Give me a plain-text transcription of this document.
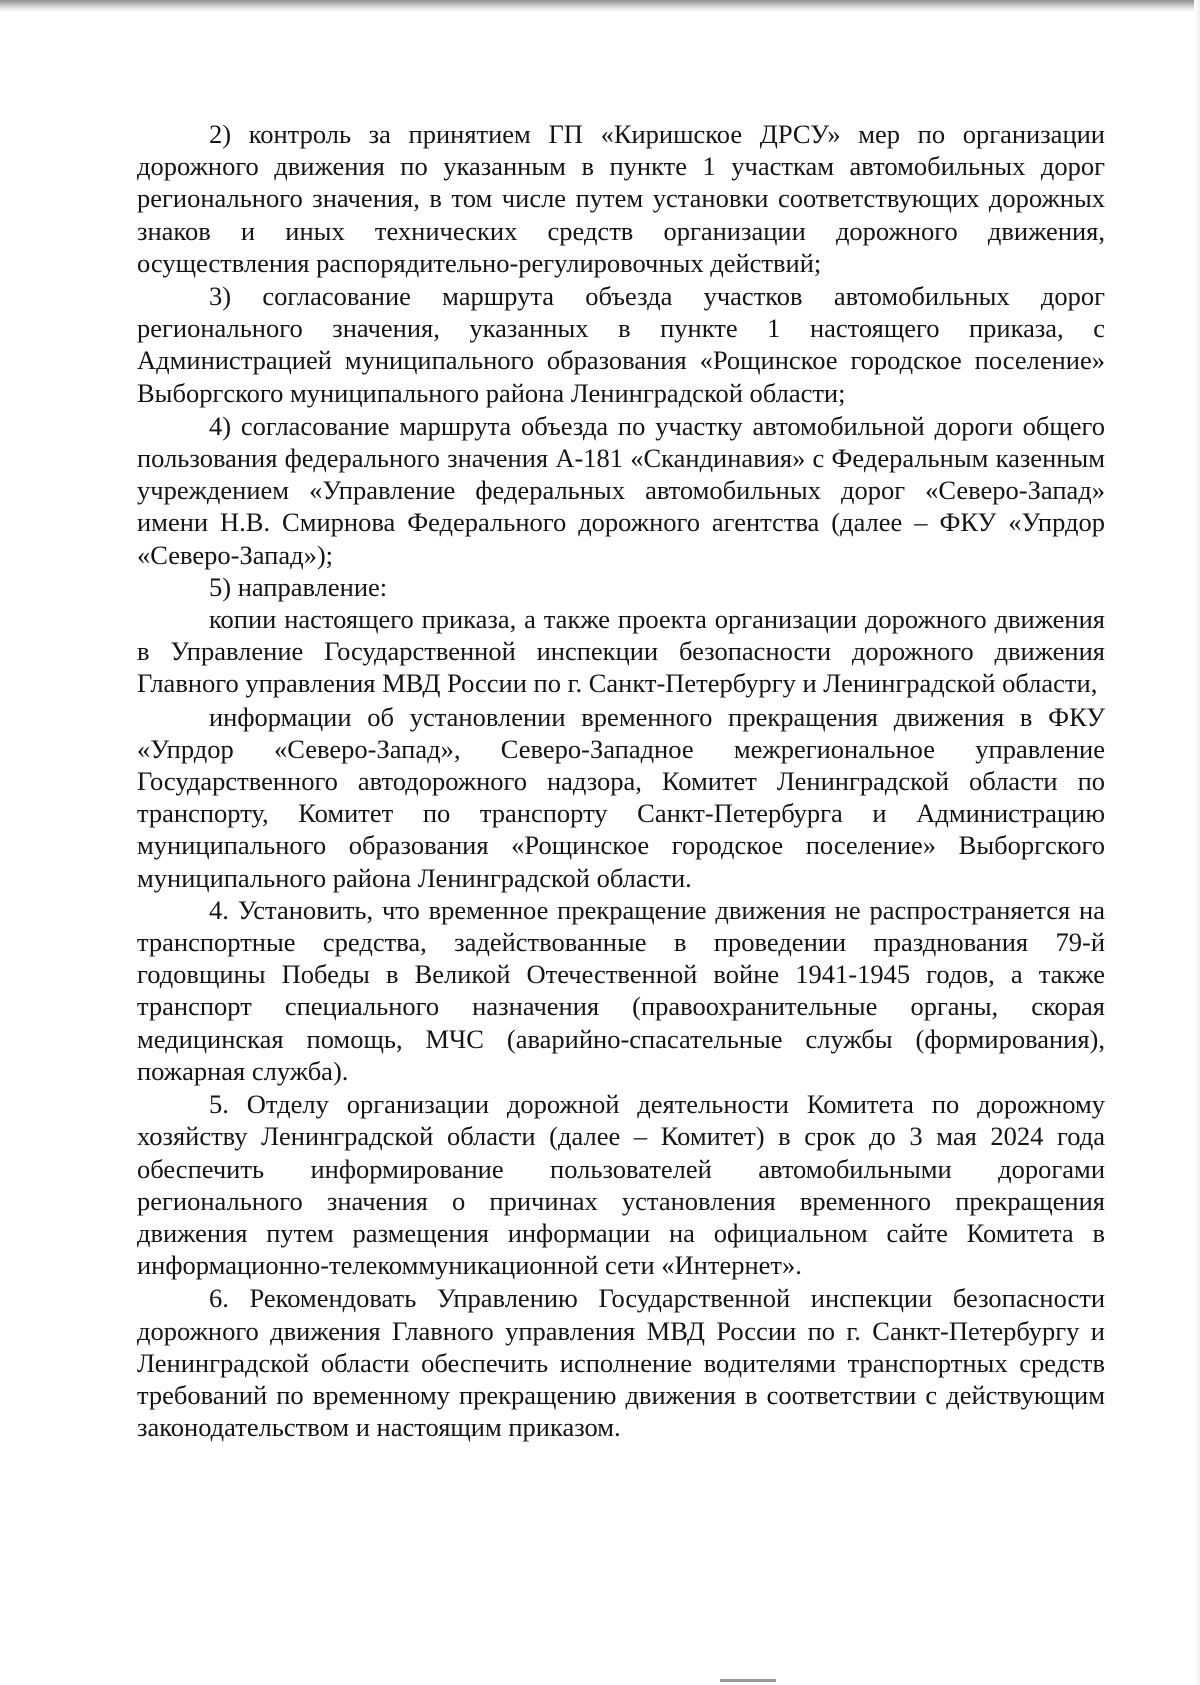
2) контроль за принятием ГП «Киришское ДРСУ» мер по организации дорожного движения по указанным в пункте 1 участкам автомобильных дорог регионального значения, в том числе путем установки соответствующих дорожных знаков и иных технических средств организации дорожного движения, осуществления распорядительно-регулировочных действий;

3) согласование маршрута объезда участков автомобильных дорог регионального значения, указанных в пункте 1 настоящего приказа, с Администрацией муниципального образования «Рощинское городское поселение» Выборгского муниципального района Ленинградской области;

4) согласование маршрута объезда по участку автомобильной дороги общего пользования федерального значения А-181 «Скандинавия» с Федеральным казенным учреждением «Управление федеральных автомобильных дорог «Северо-Запад» имени Н.В. Смирнова Федерального дорожного агентства (далее – ФКУ «Упрдор «Северо-Запад»);

5) направление:

копии настоящего приказа, а также проекта организации дорожного движения в Управление Государственной инспекции безопасности дорожного движения Главного управления МВД России по г. Санкт-Петербургу и Ленинградской области,

информации об установлении временного прекращения движения в ФКУ «Упрдор «Северо-Запад», Северо-Западное межрегиональное управление Государственного автодорожного надзора, Комитет Ленинградской области по транспорту, Комитет по транспорту Санкт-Петербурга и Администрацию муниципального образования «Рощинское городское поселение» Выборгского муниципального района Ленинградской области.

4. Установить, что временное прекращение движения не распространяется на транспортные средства, задействованные в проведении празднования 79-й годовщины Победы в Великой Отечественной войне 1941-1945 годов, а также транспорт специального назначения (правоохранительные органы, скорая медицинская помощь, МЧС (аварийно-спасательные службы (формирования), пожарная служба).

5. Отделу организации дорожной деятельности Комитета по дорожному хозяйству Ленинградской области (далее – Комитет) в срок до 3 мая 2024 года обеспечить информирование пользователей автомобильными дорогами регионального значения о причинах установления временного прекращения движения путем размещения информации на официальном сайте Комитета в информационно-телекоммуникационной сети «Интернет».

6. Рекомендовать Управлению Государственной инспекции безопасности дорожного движения Главного управления МВД России по г. Санкт-Петербургу и Ленинградской области обеспечить исполнение водителями транспортных средств требований по временному прекращению движения в соответствии с действующим законодательством и настоящим приказом.
